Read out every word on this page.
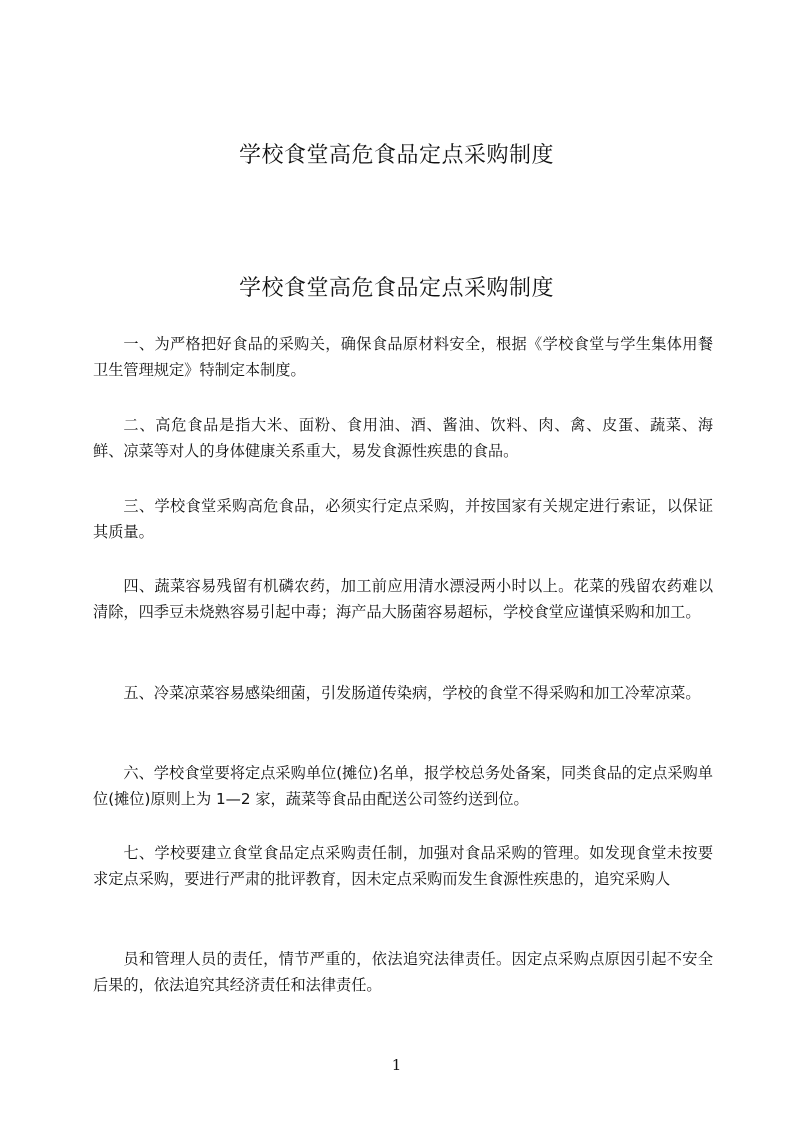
学校食堂高危食品定点采购制度
学校食堂高危食品定点采购制度

一、为严格把好食品的采购关，确保食品原材料安全，根据《学校食堂与学生集体用餐卫生管理规定》特制定本制度。

二、高危食品是指大米、面粉、食用油、酒、酱油、饮料、肉、禽、皮蛋、蔬菜、海鲜、凉菜等对人的身体健康关系重大，易发食源性疾患的食品。

三、学校食堂采购高危食品，必须实行定点采购，并按国家有关规定进行索证，以保证其质量。

四、蔬菜容易残留有机磷农药，加工前应用清水漂浸两小时以上。花菜的残留农药难以清除，四季豆未烧熟容易引起中毒；海产品大肠菌容易超标，学校食堂应谨慎采购和加工。

五、冷菜凉菜容易感染细菌，引发肠道传染病，学校的食堂不得采购和加工冷荤凉菜。

六、学校食堂要将定点采购单位(摊位)名单，报学校总务处备案，同类食品的定点采购单位(摊位)原则上为 1—2 家，蔬菜等食品由配送公司签约送到位。

七、学校要建立食堂食品定点采购责任制，加强对食品采购的管理。如发现食堂未按要求定点采购，要进行严肃的批评教育，因未定点采购而发生食源性疾患的，追究采购人

员和管理人员的责任，情节严重的，依法追究法律责任。因定点采购点原因引起不安全后果的，依法追究其经济责任和法律责任。

1
